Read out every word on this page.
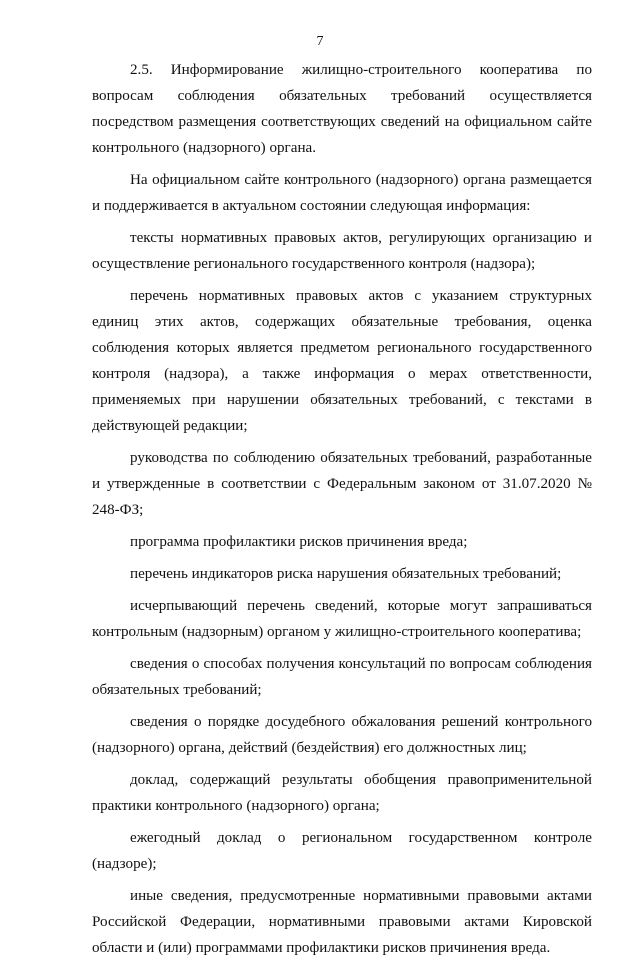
7

2.5. Информирование жилищно-строительного кооператива по вопросам соблюдения обязательных требований осуществляется посредством размещения соответствующих сведений на официальном сайте контрольного (надзорного) органа.

На официальном сайте контрольного (надзорного) органа размещается и поддерживается в актуальном состоянии следующая информация:

тексты нормативных правовых актов, регулирующих организацию и осуществление регионального государственного контроля (надзора);

перечень нормативных правовых актов с указанием структурных единиц этих актов, содержащих обязательные требования, оценка соблюдения которых является предметом регионального государственного контроля (надзора), а также информация о мерах ответственности, применяемых при нарушении обязательных требований, с текстами в действующей редакции;

руководства по соблюдению обязательных требований, разработанные и утвержденные в соответствии с Федеральным законом от 31.07.2020 № 248-ФЗ;

программа профилактики рисков причинения вреда;

перечень индикаторов риска нарушения обязательных требований;

исчерпывающий перечень сведений, которые могут запрашиваться контрольным (надзорным) органом у жилищно-строительного кооператива;

сведения о способах получения консультаций по вопросам соблюдения обязательных требований;

сведения о порядке досудебного обжалования решений контрольного (надзорного) органа, действий (бездействия) его должностных лиц;

доклад, содержащий результаты обобщения правоприменительной практики контрольного (надзорного) органа;

ежегодный доклад о региональном государственном контроле (надзоре);

иные сведения, предусмотренные нормативными правовыми актами Российской Федерации, нормативными правовыми актами Кировской области и (или) программами профилактики рисков причинения вреда.
